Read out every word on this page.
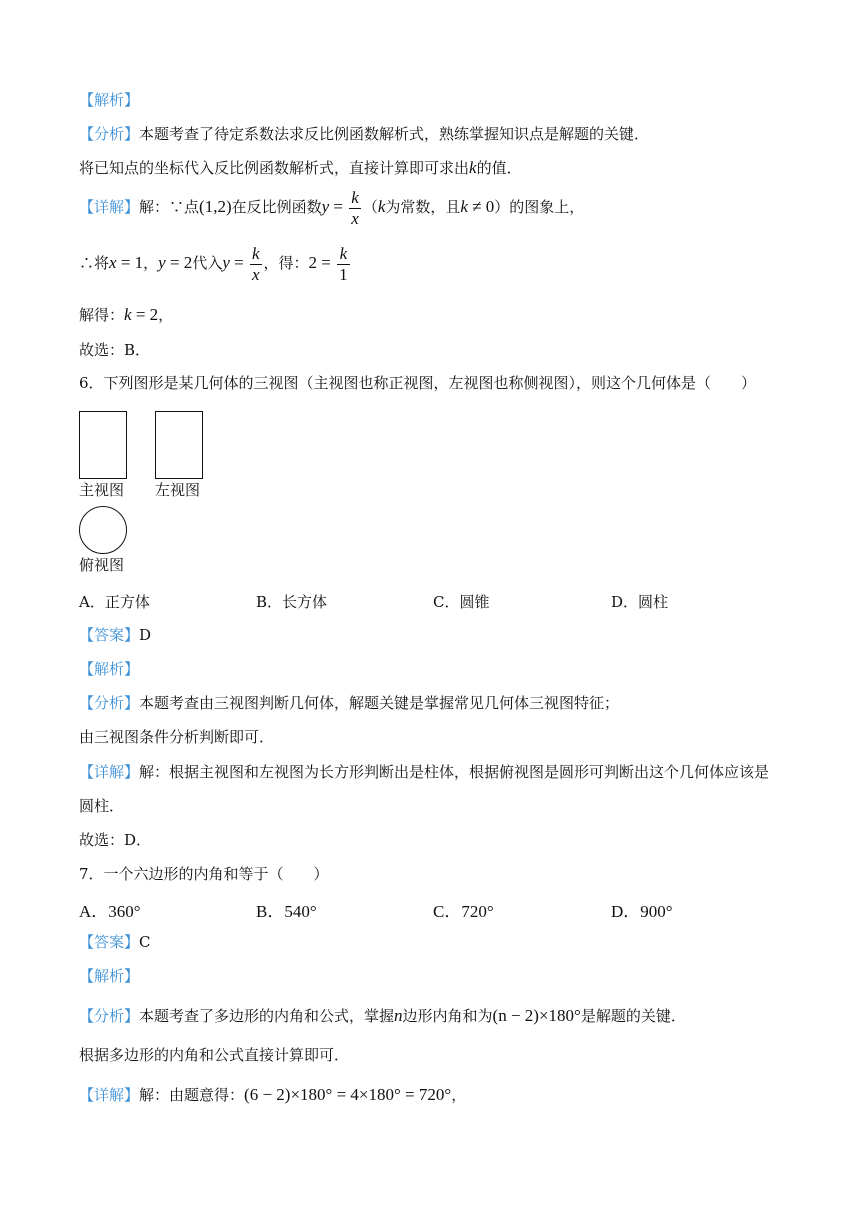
【解析】
【分析】本题考查了待定系数法求反比例函数解析式，熟练掌握知识点是解题的关键．
将已知点的坐标代入反比例函数解析式，直接计算即可求出k的值．
【详解】解：∵点(1,2)在反比例函数$y = \frac{k}{x} (k$为常数，且k ≠ 0）的图象上，
∴将x = 1，y = 2代入$y = \frac{k}{x}$ ，得：$2 = \frac{k}{1}$
解得：k = 2，
故选：B．
6．下列图形是某几何体的三视图（主视图也称正视图，左视图也称侧视图），则这个几何体是（　　）
主视图 左视图
俯视图
A．正方体	B．长方体	C．圆锥	D．圆柱
【答案】D
【解析】
【分析】本题考查由三视图判断几何体，解题关键是掌握常见几何体三视图特征；
由三视图条件分析判断即可．
【详解】解：根据主视图和左视图为长方形判断出是柱体，根据俯视图是圆形可判断出这个几何体应该是
圆柱．
故选：D．
7．一个六边形的内角和等于（　　）
A．360°	B．540°	C．720°	D．900°
【答案】C
【解析】
【分析】本题考查了多边形的内角和公式，掌握n边形内角和为(n − 2)×180°是解题的关键．
根据多边形的内角和公式直接计算即可．
【详解】解：由题意得：(6 − 2)×180° = 4×180° = 720°，
